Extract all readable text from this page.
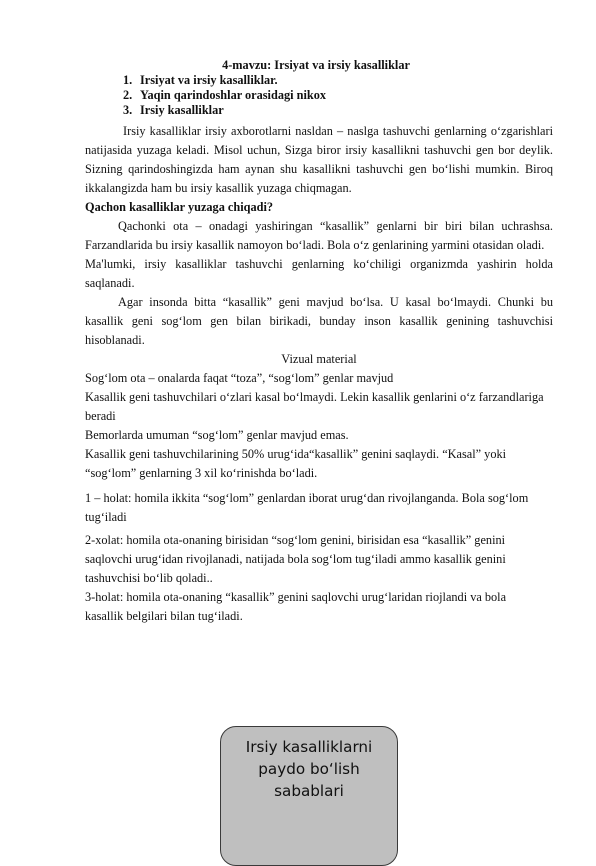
4-mavzu: Irsiyat va irsiy kasalliklar
1. Irsiyat va irsiy kasalliklar.
2. Yaqin qarindoshlar orasidagi nikox
3. Irsiy kasalliklar

Irsiy kasalliklar irsiy axborotlarni nasldan – naslga tashuvchi genlarning o‘zgarishlari natijasida yuzaga keladi. Misol uchun, Sizga biror irsiy kasallikni tashuvchi gen bor deylik. Sizning qarindoshingizda ham aynan shu kasallikni tashuvchi gen bo‘lishi mumkin. Biroq ikkalangizda ham bu irsiy kasallik yuzaga chiqmagan.

Qachon kasalliklar yuzaga chiqadi?

Qachonki ota – onadagi yashiringan “kasallik” genlarni bir biri bilan uchrashsa. Farzandlarida bu irsiy kasallik namoyon bo‘ladi. Bola o‘z genlarining yarmini otasidan oladi.

Ma'lumki, irsiy kasalliklar tashuvchi genlarning ko‘chiligi organizmda yashirin holda saqlanadi.

Agar insonda bitta “kasallik” geni mavjud bo‘lsa. U kasal bo‘lmaydi. Chunki bu kasallik geni sog‘lom gen bilan birikadi, bunday inson kasallik genining tashuvchisi hisoblanadi.

Vizual material

Sog‘lom ota – onalarda faqat “toza”, “sog‘lom” genlar mavjud

Kasallik geni tashuvchilari o‘zlari kasal bo‘lmaydi. Lekin kasallik genlarini o‘z farzandlariga beradi

Bemorlarda umuman “sog‘lom” genlar mavjud emas.

Kasallik geni tashuvchilarining 50% urug‘ida“kasallik” genini saqlaydi. “Kasal” yoki “sog‘lom” genlarning 3 xil ko‘rinishda bo‘ladi.

1 – holat: homila ikkita “sog‘lom” genlardan iborat urug‘dan rivojlanganda. Bola sog‘lom tug‘iladi

2-xolat: homila ota-onaning birisidan “sog‘lom genini, birisidan esa “kasallik” genini saqlovchi urug‘idan rivojlanadi, natijada bola sog‘lom tug‘iladi ammo kasallik genini tashuvchisi bo‘lib qoladi..

3-holat: homila ota-onaning “kasallik” genini saqlovchi urug‘laridan riojlandi va bola kasallik belgilari bilan tug‘iladi.

Irsiy kasalliklarni
paydo bo‘lish
sabablari
